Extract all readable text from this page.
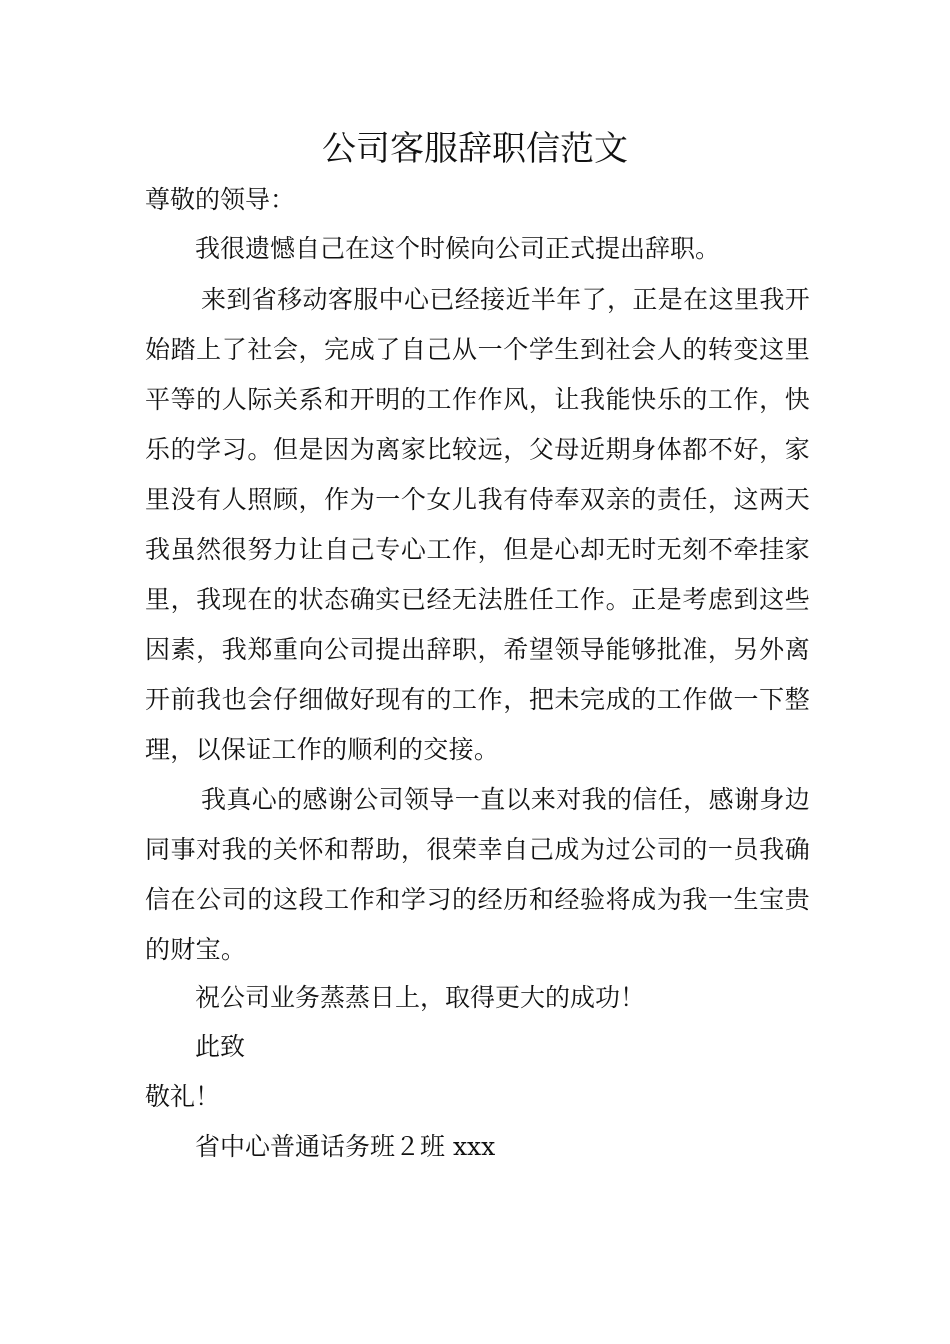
公司客服辞职信范文

尊敬的领导：

我很遗憾自己在这个时候向公司正式提出辞职。

来到省移动客服中心已经接近半年了，正是在这里我开始踏上了社会，完成了自己从一个学生到社会人的转变这里平等的人际关系和开明的工作作风，让我能快乐的工作，快乐的学习。但是因为离家比较远，父母近期身体都不好，家里没有人照顾，作为一个女儿我有侍奉双亲的责任，这两天我虽然很努力让自己专心工作，但是心却无时无刻不牵挂家里，我现在的状态确实已经无法胜任工作。正是考虑到这些因素，我郑重向公司提出辞职，希望领导能够批准，另外离开前我也会仔细做好现有的工作，把未完成的工作做一下整理，以保证工作的顺利的交接。

我真心的感谢公司领导一直以来对我的信任，感谢身边同事对我的关怀和帮助，很荣幸自己成为过公司的一员我确信在公司的这段工作和学习的经历和经验将成为我一生宝贵的财宝。

祝公司业务蒸蒸日上，取得更大的成功！

此致

敬礼！

省中心普通话务班２班 xxx
